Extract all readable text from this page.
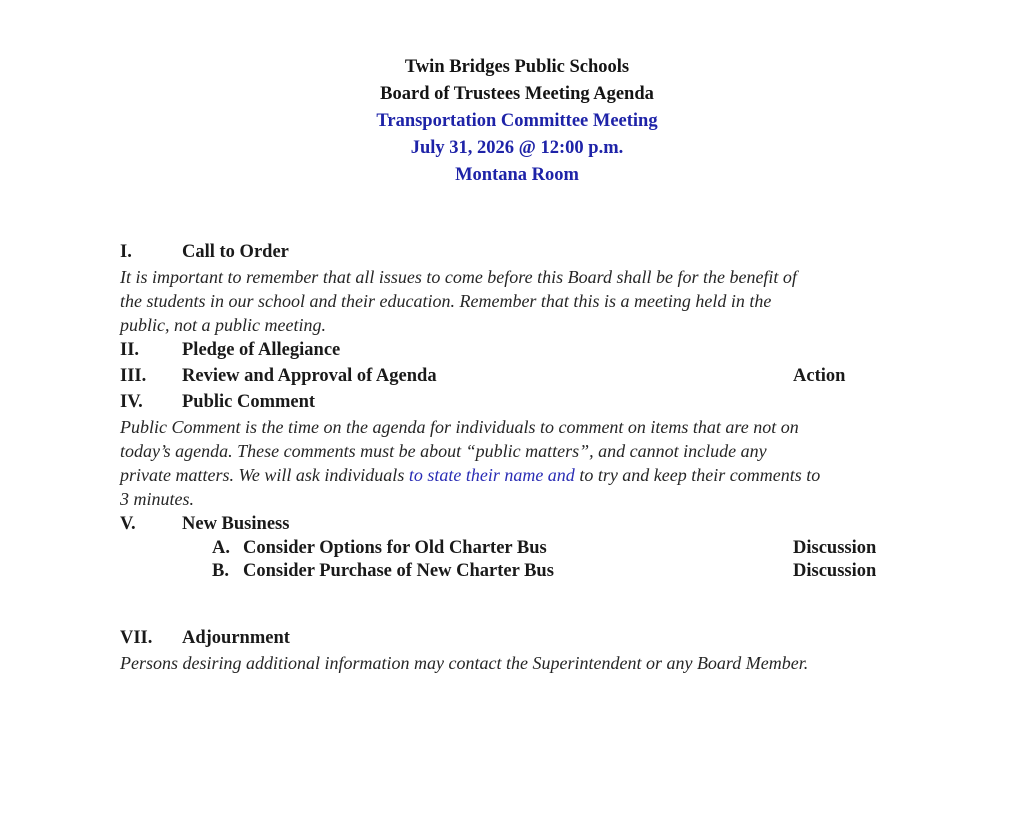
Twin Bridges Public Schools
Board of Trustees Meeting Agenda
Transportation Committee Meeting
July 31, 2026 @ 12:00 p.m.
Montana Room
I.	Call to Order
It is important to remember that all issues to come before this Board shall be for the benefit of
the students in our school and their education. Remember that this is a meeting held in the
public, not a public meeting.
II. Pledge of Allegiance
III. Review and Approval of Agenda	Action
IV. Public Comment
Public Comment is the time on the agenda for individuals to comment on items that are not on
today’s agenda. These comments must be about “public matters”, and cannot include any
private matters. We will ask individuals to state their name and to try and keep their comments to
3 minutes.
V.	New Business
A. Consider Options for Old Charter Bus	Discussion
B. Consider Purchase of New Charter Bus	Discussion
VII. Adjournment
Persons desiring additional information may contact the Superintendent or any Board Member.
